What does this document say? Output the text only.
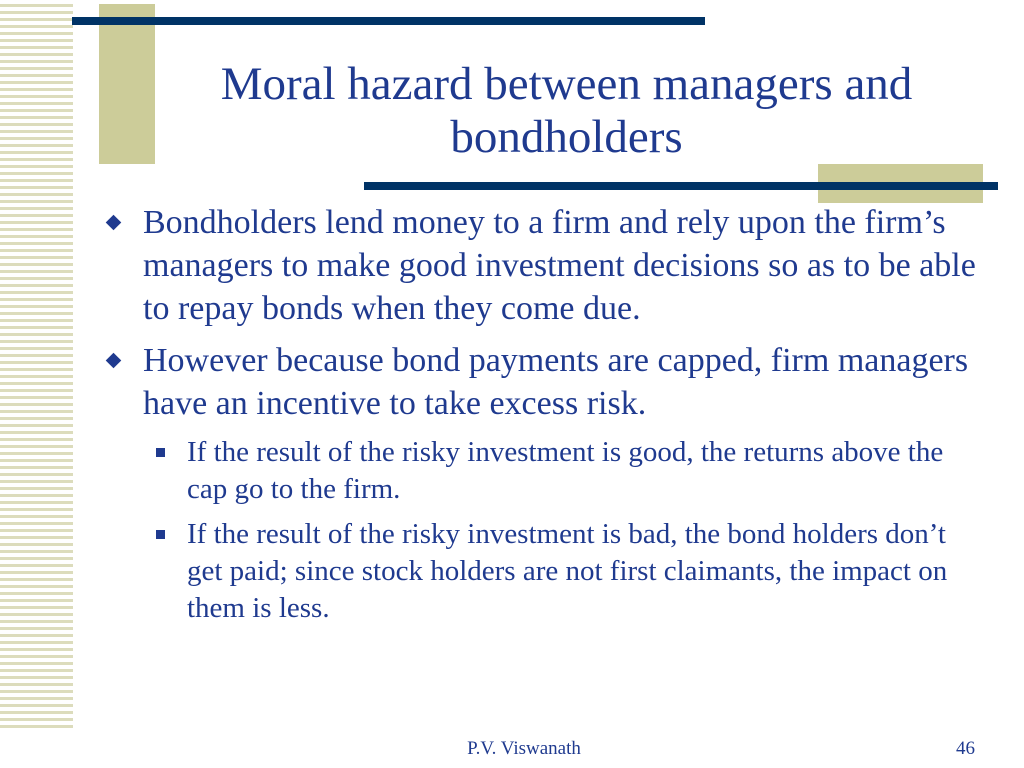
Moral hazard between managers and bondholders
Bondholders lend money to a firm and rely upon the firm’s managers to make good investment decisions so as to be able to repay bonds when they come due.
However because bond payments are capped, firm managers have an incentive to take excess risk.
If the result of the risky investment is good, the returns above the cap go to the firm.
If the result of the risky investment is bad, the bond holders don’t get paid; since stock holders are not first claimants, the impact on them is less.
P.V. Viswanath	46
